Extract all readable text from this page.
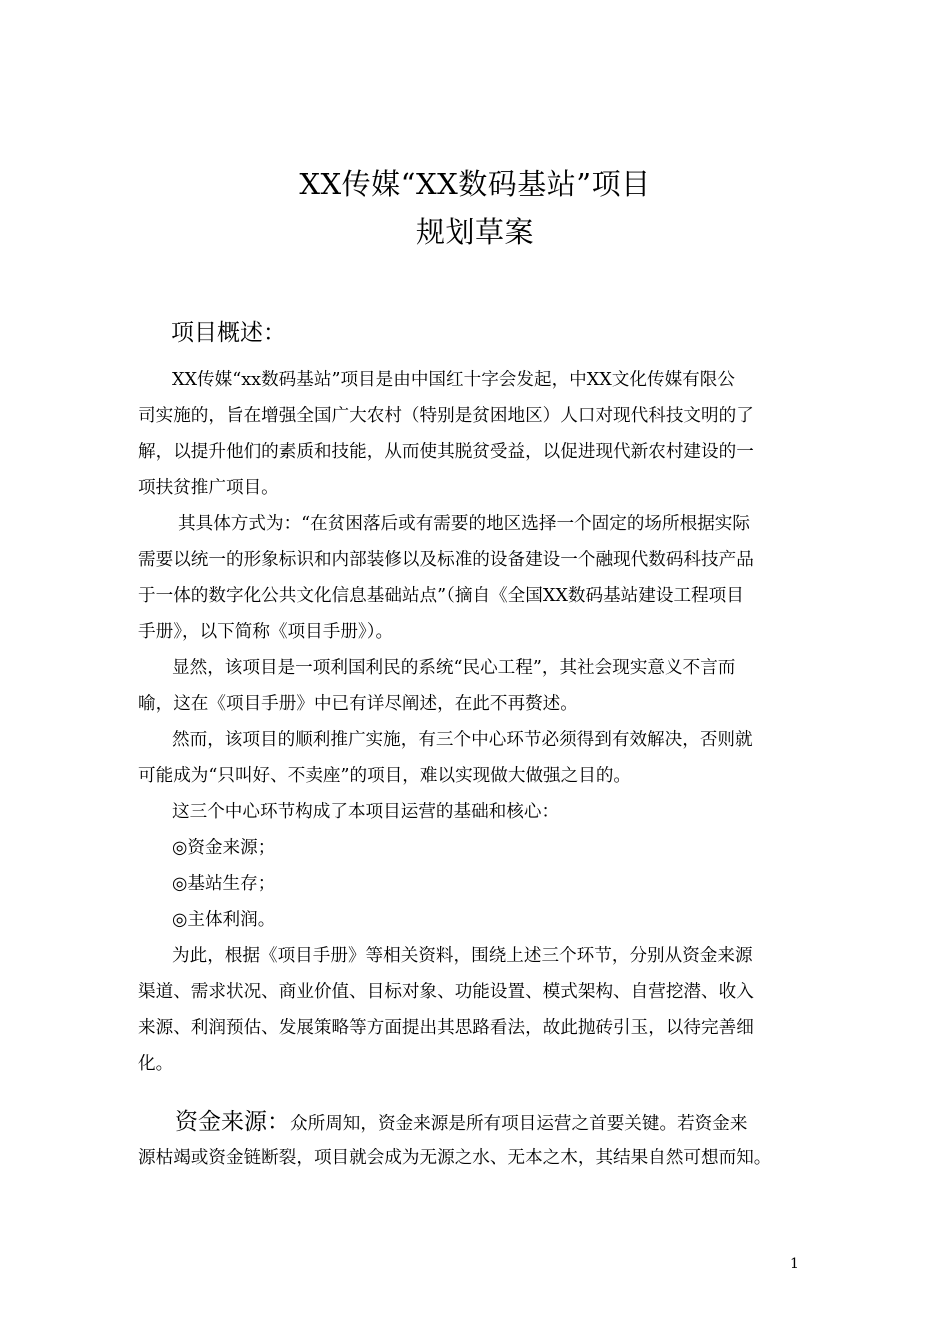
XX传媒“XX数码基站”项目
规划草案
项目概述：
XX传媒“xx数码基站”项目是由中国红十字会发起，中XX文化传媒有限公
司实施的，旨在增强全国广大农村（特别是贫困地区）人口对现代科技文明的了
解，以提升他们的素质和技能，从而使其脱贫受益，以促进现代新农村建设的一
项扶贫推广项目。
其具体方式为：“在贫困落后或有需要的地区选择一个固定的场所根据实际
需要以统一的形象标识和内部装修以及标准的设备建设一个融现代数码科技产品
于一体的数字化公共文化信息基础站点”（摘自《全国XX数码基站建设工程项目
手册》，以下简称《项目手册》）。
显然，该项目是一项利国利民的系统“民心工程”，其社会现实意义不言而
喻，这在《项目手册》中已有详尽阐述，在此不再赘述。
然而，该项目的顺利推广实施，有三个中心环节必须得到有效解决，否则就
可能成为“只叫好、不卖座”的项目，难以实现做大做强之目的。
这三个中心环节构成了本项目运营的基础和核心：
◎资金来源；
◎基站生存；
◎主体利润。
为此，根据《项目手册》等相关资料，围绕上述三个环节，分别从资金来源
渠道、需求状况、商业价值、目标对象、功能设置、模式架构、自营挖潜、收入
来源、利润预估、发展策略等方面提出其思路看法，故此抛砖引玉，以待完善细
化。
资金来源：众所周知，资金来源是所有项目运营之首要关键。若资金来
源枯竭或资金链断裂，项目就会成为无源之水、无本之木，其结果自然可想而知。
1
